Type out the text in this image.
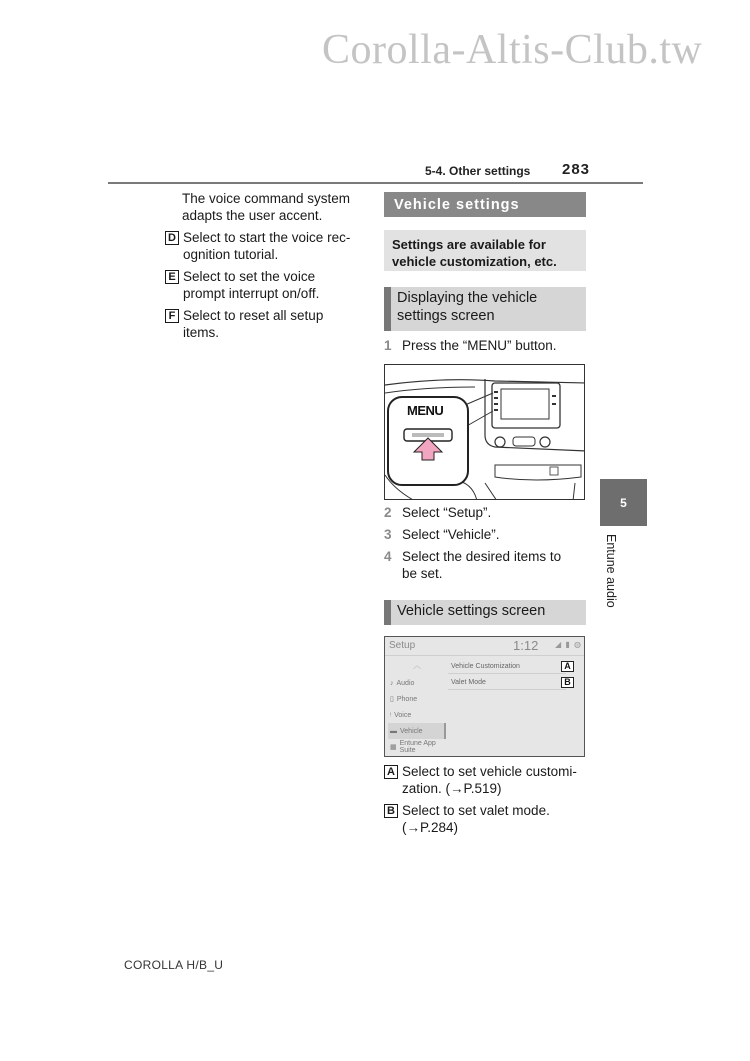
Corolla-Altis-Club.tw
5-4. Other settings 283
The voice command system adapts the user accent.
D Select to start the voice rec-
ognition tutorial.
E Select to set the voice
prompt interrupt on/off.
F Select to reset all setup
items.
Vehicle settings
Settings are available for
vehicle customization, etc.
Displaying the vehicle
settings screen
1 Press the “MENU” button.
MENU
2 Select “Setup”.
3 Select “Vehicle”.
4 Select the desired items to
be set.
Vehicle settings screen
Setup	1:12 ◢ ▮ ◍
︿
♪ Audio
▯ Phone
ᵎ Voice
▬ Vehicle
▦
Entune App Suite
Vehicle Customization	A
Valet Mode	B
A Select to set vehicle customi-
zation. (→P.519)
B Select to set valet mode.
(→P.284)
5
Entune audio
COROLLA H/B_U
